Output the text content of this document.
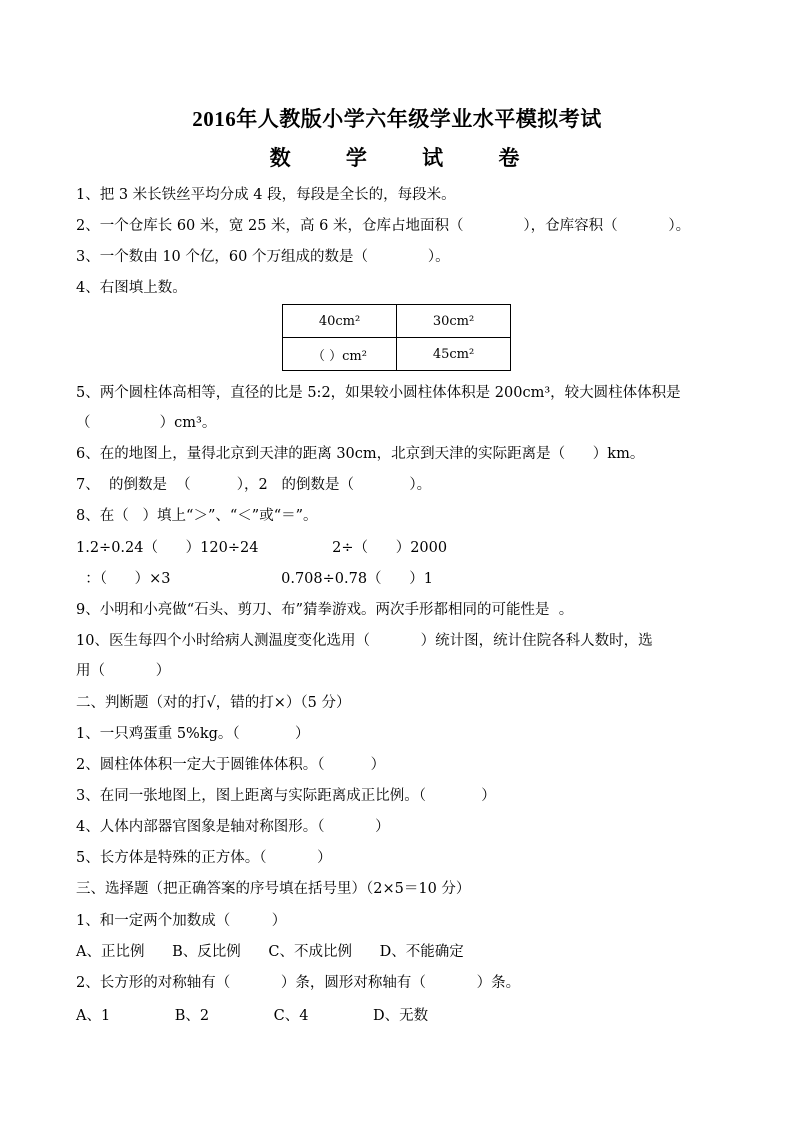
2016年人教版小学六年级学业水平模拟考试
数 学 试 卷
1、把 3 米长铁丝平均分成 4 段，每段是全长的，每段米。
2、一个仓库长 60 米，宽 25 米，高 6 米，仓库占地面积（             ），仓库容积（           ）。
3、一个数由 10 个亿，60 个万组成的数是（             ）。
4、右图填上数。
40cm²	30cm²
（ ）cm²	45cm²
5、两个圆柱体高相等，直径的比是 5:2，如果较小圆柱体体积是 200cm³，较大圆柱体体积是
（               ）cm³。
6、在的地图上，量得北京到天津的距离 30cm，北京到天津的实际距离是（      ）km。
7、  的倒数是  （          ），2   的倒数是（            ）。
8、在（   ）填上“＞”、“＜”或“＝”。
1.2÷0.24（      ）120÷24                2÷（      ）2000
：（      ）×3                        0.708÷0.78（      ）1
9、小明和小亮做“石头、剪刀、布”猜拳游戏。两次手形都相同的可能性是  。
10、医生每四个小时给病人测温度变化选用（           ）统计图，统计住院各科人数时，选
用（           ）
二、判断题（对的打√，错的打×）（5 分）
1、一只鸡蛋重 5%kg。（            ）
2、圆柱体体积一定大于圆锥体体积。（          ）
3、在同一张地图上，图上距离与实际距离成正比例。（            ）
4、人体内部器官图象是轴对称图形。（           ）
5、长方体是特殊的正方体。（           ）
三、选择题（把正确答案的序号填在括号里）（2×5＝10 分）
1、和一定两个加数成（         ）
A、正比例      B、反比例      C、不成比例      D、不能确定
2、长方形的对称轴有（           ）条，圆形对称轴有（           ）条。
A、1              B、2              C、4              D、无数
